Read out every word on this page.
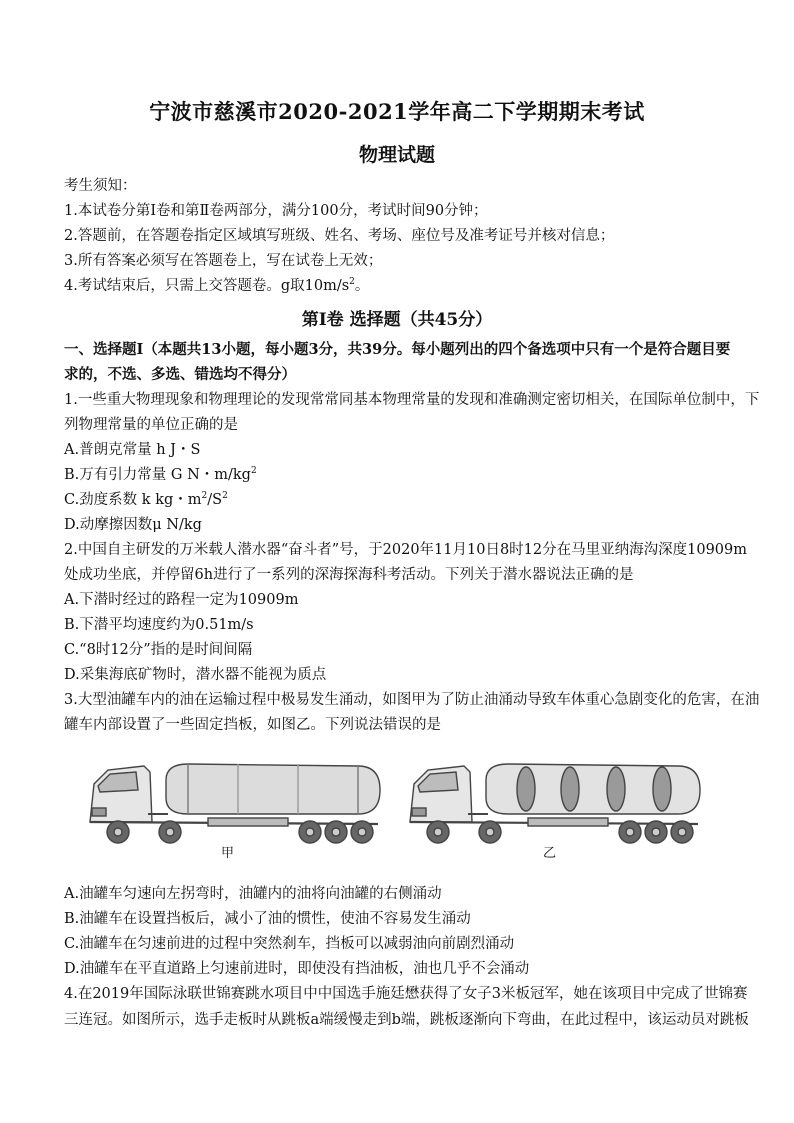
宁波市慈溪市2020-2021学年高二下学期期末考试
物理试题
考生须知：
1.本试卷分第Ⅰ卷和第Ⅱ卷两部分，满分100分，考试时间90分钟；
2.答题前，在答题卷指定区域填写班级、姓名、考场、座位号及准考证号并核对信息；
3.所有答案必须写在答题卷上，写在试卷上无效；
4.考试结束后，只需上交答题卷。g取$10m/s^2$。
第Ⅰ卷 选择题（共45分）
一、选择题Ⅰ（本题共13小题，每小题3分，共39分。每小题列出的四个备选项中只有一个是符合题目要
求的，不选、多选、错选均不得分）
1.一些重大物理现象和物理理论的发现常常同基本物理常量的发现和准确测定密切相关，在国际单位制中，下
列物理常量的单位正确的是
A.普朗克常量 h J・S
B.万有引力常量 G N・$m/kg^2$
C.劲度系数 k kg・$m^2/S^2$
D.动摩擦因数μ N/kg
2.中国自主研发的万米载人潜水器“奋斗者”号，于2020年11月10日8时12分在马里亚纳海沟深度10909m
处成功坐底，并停留6h进行了一系列的深海探海科考活动。下列关于潜水器说法正确的是
A.下潜时经过的路程一定为10909m
B.下潜平均速度约为0.51m/s
C.“8时12分”指的是时间间隔
D.采集海底矿物时，潜水器不能视为质点
3.大型油罐车内的油在运输过程中极易发生涌动，如图甲为了防止油涌动导致车体重心急剧变化的危害，在油
罐车内部设置了一些固定挡板，如图乙。下列说法错误的是
甲	乙
A.油罐车匀速向左拐弯时，油罐内的油将向油罐的右侧涌动
B.油罐车在设置挡板后，减小了油的惯性，使油不容易发生涌动
C.油罐车在匀速前进的过程中突然刹车，挡板可以减弱油向前剧烈涌动
D.油罐车在平直道路上匀速前进时，即使没有挡油板，油也几乎不会涌动
4.在2019年国际泳联世锦赛跳水项目中中国选手施廷懋获得了女子3米板冠军，她在该项目中完成了世锦赛
三连冠。如图所示，选手走板时从跳板a端缓慢走到b端，跳板逐渐向下弯曲，在此过程中，该运动员对跳板
